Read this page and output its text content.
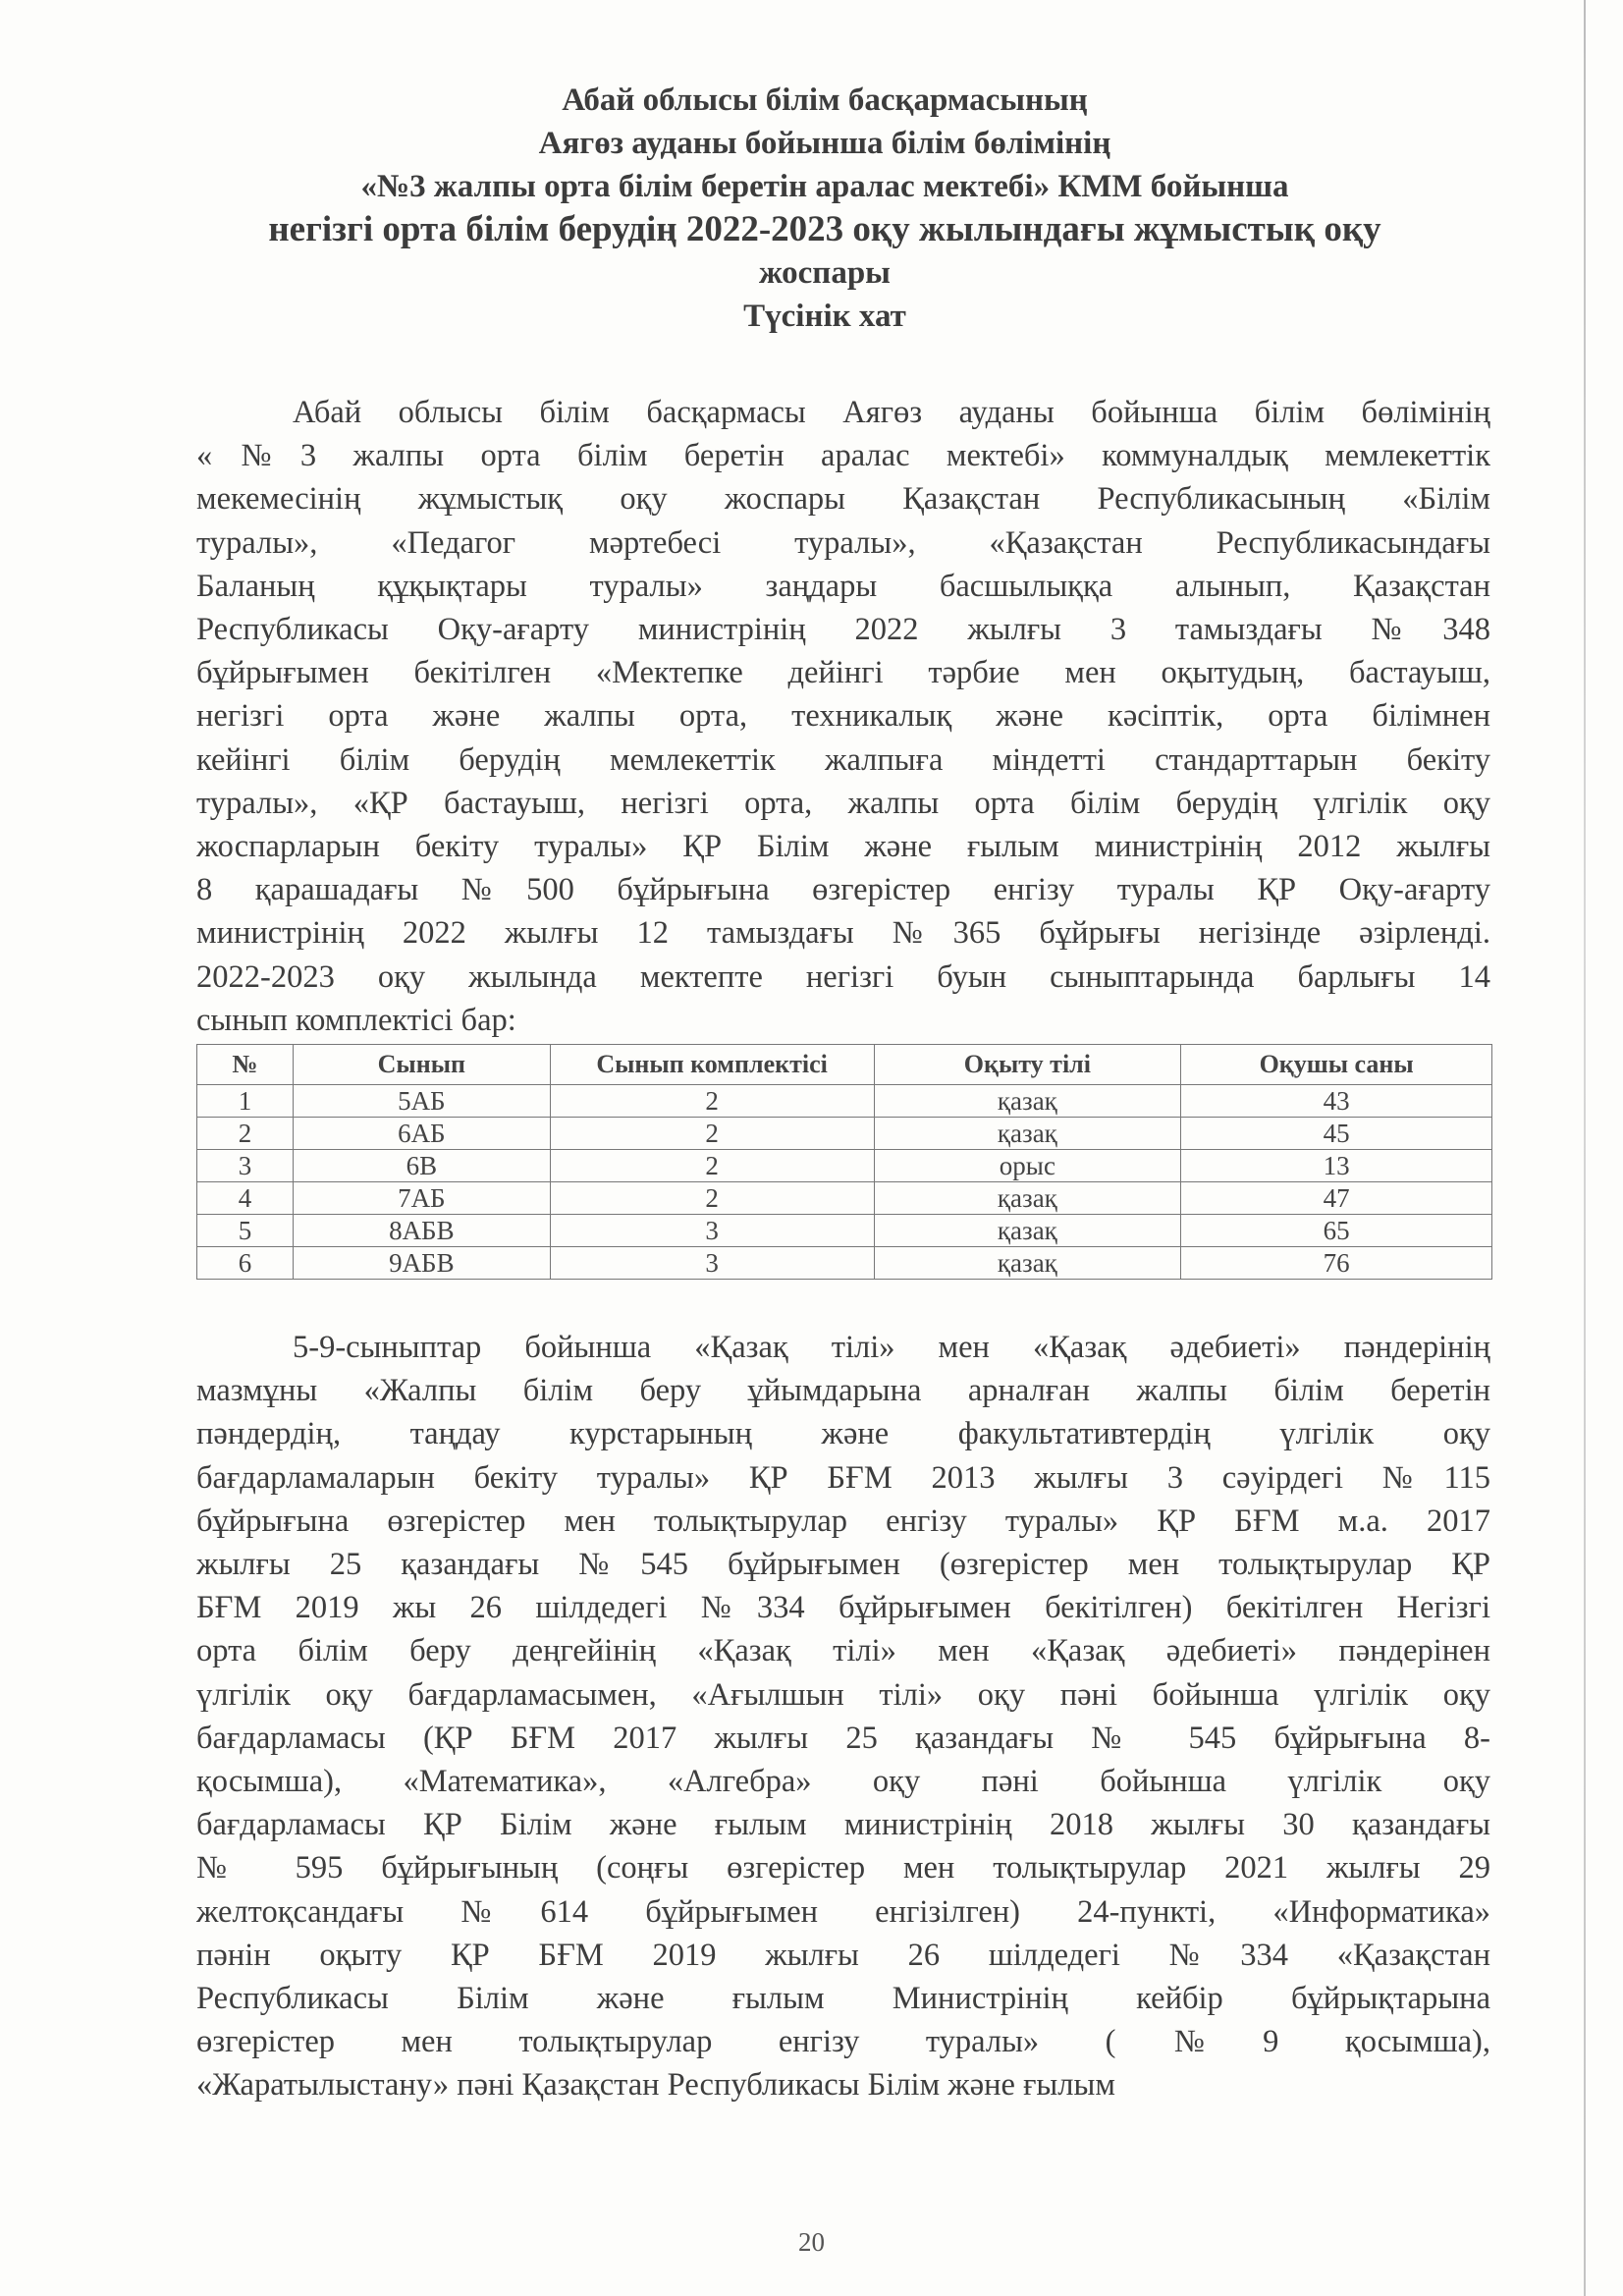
Абай облысы білім басқармасының
Аягөз ауданы бойынша білім бөлімінің
«№3 жалпы орта білім беретін аралас мектебі» КММ бойынша
негізгі орта білім берудің 2022-2023 оқу жылындағы жұмыстық оқу
жоспары
Түсінік хат
Абай облысы білім басқармасы Аягөз ауданы бойынша білім бөлімінің
«№3 жалпы орта білім беретін аралас мектебі» коммуналдық мемлекеттік
мекемесінің жұмыстық оқу жоспары Қазақстан Республикасының «Білім
туралы», «Педагог мәртебесі туралы», «Қазақстан Республикасындағы
Баланың құқықтары туралы» заңдары басшылыққа алынып, Қазақстан
Республикасы Оқу-ағарту министрінің 2022 жылғы 3 тамыздағы №348
бұйрығымен бекітілген «Мектепке дейінгі тәрбие мен оқытудың, бастауыш,
негізгі орта және жалпы орта, техникалық және кәсіптік, орта білімнен
кейінгі білім берудің мемлекеттік жалпыға міндетті стандарттарын бекіту
туралы», «ҚР бастауыш, негізгі орта, жалпы орта білім берудің үлгілік оқу
жоспарларын бекіту туралы» ҚР Білім және ғылым министрінің 2012 жылғы
8 қарашадағы №500 бұйрығына өзгерістер енгізу туралы ҚР Оқу-ағарту
министрінің 2022 жылғы 12 тамыздағы №365 бұйрығы негізінде әзірленді.
2022-2023 оқу жылында мектепте негізгі буын сыныптарында барлығы 14
сынып комплектісі бар:
№	Сынып	Сынып комплектісі	Оқыту тілі	Оқушы саны
1	5АБ	2	қазақ	43
2	6АБ	2	қазақ	45
3	6В	2	орыс	13
4	7АБ	2	қазақ	47
5	8АБВ	3	қазақ	65
6	9АБВ	3	қазақ	76
5-9-сыныптар бойынша «Қазақ тілі» мен «Қазақ әдебиеті» пәндерінің
мазмұны «Жалпы білім беру ұйымдарына арналған жалпы білім беретін
пәндердің, таңдау курстарының және факультативтердің үлгілік оқу
бағдарламаларын бекіту туралы» ҚР БҒМ 2013 жылғы 3 сәуірдегі №115
бұйрығына өзгерістер мен толықтырулар енгізу туралы» ҚР БҒМ м.а. 2017
жылғы 25 қазандағы №545 бұйрығымен (өзгерістер мен толықтырулар ҚР
БҒМ 2019 жы 26 шілдедегі №334 бұйрығымен бекітілген) бекітілген Негізгі
орта білім беру деңгейінің «Қазақ тілі» мен «Қазақ әдебиеті» пәндерінен
үлгілік оқу бағдарламасымен, «Ағылшын тілі» оқу пәні бойынша үлгілік оқу
бағдарламасы (ҚР БҒМ 2017 жылғы 25 қазандағы № 545 бұйрығына 8-
қосымша), «Математика», «Алгебра» оқу пәні бойынша үлгілік оқу
бағдарламасы ҚР Білім және ғылым министрінің 2018 жылғы 30 қазандағы
№ 595 бұйрығының (соңғы өзгерістер мен толықтырулар 2021 жылғы 29
желтоқсандағы №614 бұйрығымен енгізілген) 24-пункті, «Информатика»
пәнін оқыту ҚР БҒМ 2019 жылғы 26 шілдедегі №334 «Қазақстан
Республикасы Білім және ғылым Министрінің кейбір бұйрықтарына
өзгерістер мен толықтырулар енгізу туралы» (№9 қосымша),
«Жаратылыстану» пәні Қазақстан Республикасы Білім және ғылым
20
